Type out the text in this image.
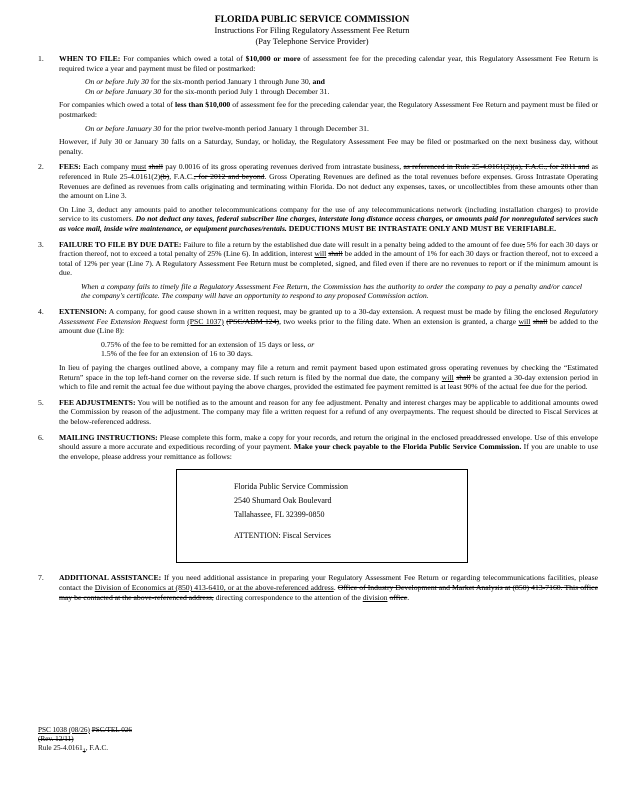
FLORIDA PUBLIC SERVICE COMMISSION
Instructions For Filing Regulatory Assessment Fee Return
(Pay Telephone Service Provider)
1. WHEN TO FILE: For companies which owed a total of $10,000 or more of assessment fee for the preceding calendar year, this Regulatory Assessment Fee Return is required twice a year and payment must be filed or postmarked:

On or before July 30 for the six-month period January 1 through June 30, and
On or before January 30 for the six-month period July 1 through December 31.

For companies which owed a total of less than $10,000 of assessment fee for the preceding calendar year, the Regulatory Assessment Fee Return and payment must be filed or postmarked:

On or before January 30 for the prior twelve-month period January 1 through December 31.

However, if July 30 or January 30 falls on a Saturday, Sunday, or holiday, the Regulatory Assessment Fee may be filed or postmarked on the next business day, without penalty.

2. FEES: Each company must shall pay 0.0016 of its gross operating revenues derived from intrastate business, as referenced in Rule 25-4.0161(2)(a), F.A.C., for 2011 and as referenced in Rule 25-4.0161(2)(b), F.A.C., for 2012 and beyond. Gross Operating Revenues are defined as the total revenues before expenses. Gross Intrastate Operating Revenues are defined as revenues from calls originating and terminating within Florida. Do not deduct any expenses, taxes, or uncollectibles from these amounts other than the amount on Line 3.

On Line 3, deduct any amounts paid to another telecommunications company for the use of any telecommunications network (including installation charges) to provide service to its customers. Do not deduct any taxes, federal subscriber line charges, interstate long distance access charges, or amounts paid for nonregulated services such as voice mail, inside wire maintenance, or equipment purchases/rentals. DEDUCTIONS MUST BE INTRASTATE ONLY AND MUST BE VERIFIABLE.

3. FAILURE TO FILE BY DUE DATE: Failure to file a return by the established due date will result in a penalty being added to the amount of fee due, 5% for each 30 days or fraction thereof, not to exceed a total penalty of 25% (Line 6). In addition, interest will shall be added in the amount of 1% for each 30 days or fraction thereof, not to exceed a total of 12% per year (Line 7). A Regulatory Assessment Fee Return must be completed, signed, and filed even if there are no revenues to report or if the minimum amount is due.

When a company fails to timely file a Regulatory Assessment Fee Return, the Commission has the authority to order the company to pay a penalty and/or cancel the company's certificate. The company will have an opportunity to respond to any proposed Commission action.

4. EXTENSION: A company, for good cause shown in a written request, may be granted up to a 30-day extension. A request must be made by filing the enclosed Regulatory Assessment Fee Extension Request form (PSC 1037) (PSC/ADM 124), two weeks prior to the filing date. When an extension is granted, a charge will shall be added to the amount due (Line 8):

0.75% of the fee to be remitted for an extension of 15 days or less, or
1.5% of the fee for an extension of 16 to 30 days.

In lieu of paying the charges outlined above, a company may file a return and remit payment based upon estimated gross operating revenues by checking the “Estimated Return” space in the top left-hand corner on the reverse side. If such return is filed by the normal due date, the company will shall be granted a 30-day extension period in which to file and remit the actual fee due without paying the above charges, provided the estimated fee payment remitted is at least 90% of the actual fee due for the period.

5. FEE ADJUSTMENTS: You will be notified as to the amount and reason for any fee adjustment. Penalty and interest charges may be applicable to additional amounts owed the Commission by reason of the adjustment. The company may file a written request for a refund of any overpayments. The request should be directed to Fiscal Services at the below-referenced address.

6. MAILING INSTRUCTIONS: Please complete this form, make a copy for your records, and return the original in the enclosed preaddressed envelope. Use of this envelope should assure a more accurate and expeditious recording of your payment. Make your check payable to the Florida Public Service Commission. If you are unable to use the envelope, please address your remittance as follows:

Florida Public Service Commission
2540 Shumard Oak Boulevard
Tallahassee, FL 32399-0850
ATTENTION: Fiscal Services
7. ADDITIONAL ASSISTANCE: If you need additional assistance in preparing your Regulatory Assessment Fee Return or regarding telecommunications facilities, please contact the Division of Economics at (850) 413-6410, or at the above-referenced address. Office of Industry Development and Market Analysis at (850) 413-7160. This office may be contacted at the above-referenced address, directing correspondence to the attention of the division office.

PSC 1038 (08/26) PSC/TEL 026
(Rev. 12/11)
Rule $25-4.0161_1$, F.A.C.
